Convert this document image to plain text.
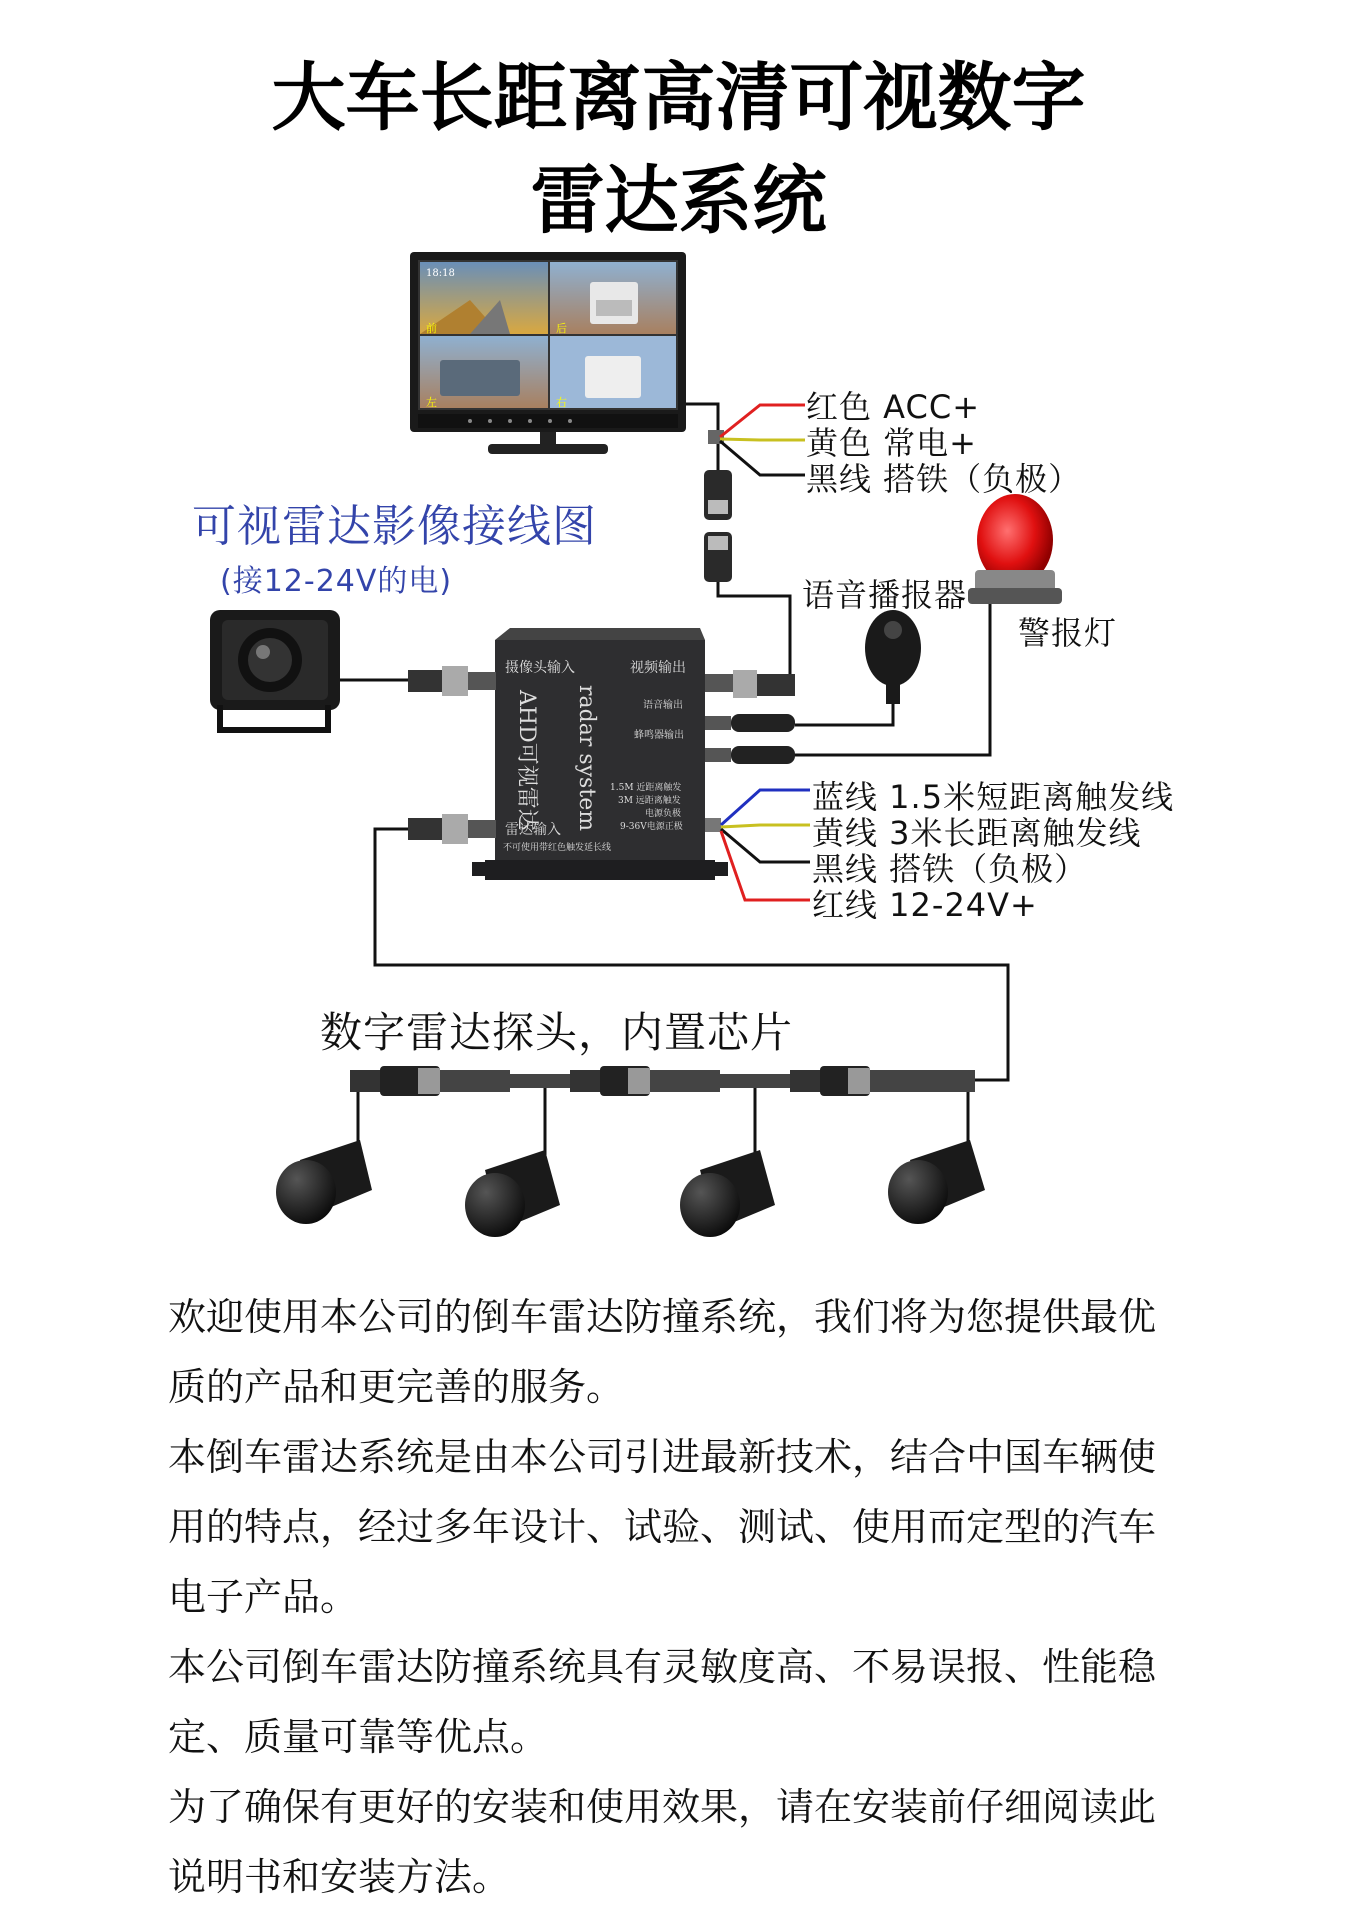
大车长距离高清可视数字
雷达系统
18:18
前	后
左	右
摄像头输入	视频输出
语音输出
蜂鸣器输出
AHD可视雷达 radar system 1.5M 近距离触发
3M 远距离触发
电源负极
9-36V电源正极
雷达输入
不可使用带红色触发延长线
红色 ACC+
黄色 常电+
黑线 搭铁（负极）
可视雷达影像接线图
(接12-24V的电)	语音播报器
警报灯
蓝线 1.5米短距离触发线
黄线 3米长距离触发线
黑线 搭铁（负极）
红线 12-24V+
数字雷达探头，内置芯片

欢迎使用本公司的倒车雷达防撞系统，我们将为您提供最优质的产品和更完善的服务。

本倒车雷达系统是由本公司引进最新技术，结合中国车辆使用的特点，经过多年设计、试验、测试、使用而定型的汽车电子产品。

本公司倒车雷达防撞系统具有灵敏度高、不易误报、性能稳定、质量可靠等优点。

为了确保有更好的安装和使用效果，请在安装前仔细阅读此说明书和安装方法。
